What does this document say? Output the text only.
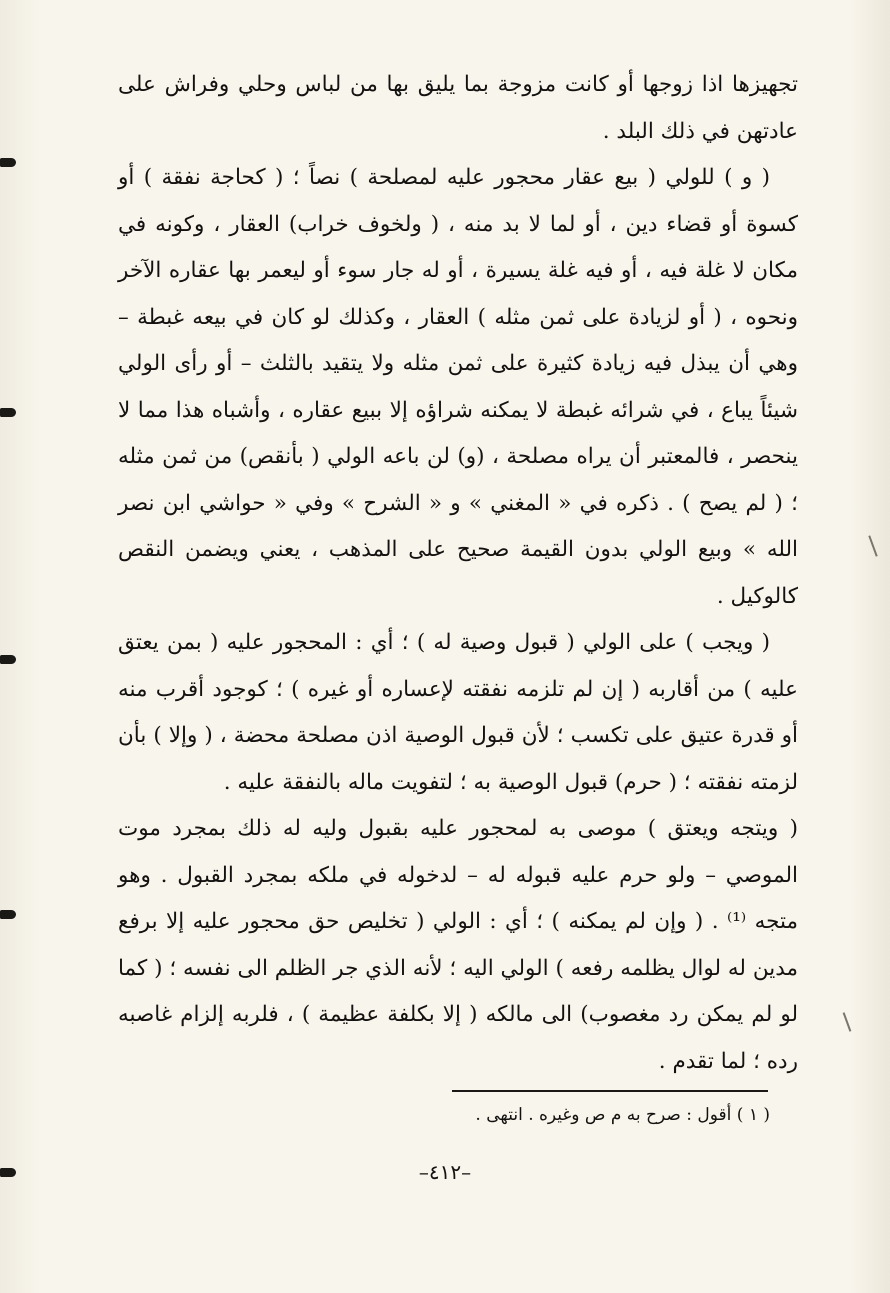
تجهيزها اذا زوجها أو كانت مزوجة بما يليق بها من لباس وحلي وفراش على عادتهن في ذلك البلد .

( و ) للولي ( بيع عقار محجور عليه لمصلحة ) نصاً ؛ ( كحاجة نفقة ) أو كسوة أو قضاء دين ، أو لما لا بد منه ، ( ولخوف خراب) العقار ، وكونه في مكان لا غلة فيه ، أو فيه غلة يسيرة ، أو له جار سوء أو ليعمر بها عقاره الآخر ونحوه ، ( أو لزيادة على ثمن مثله ) العقار ، وكذلك لو كان في بيعه غبطة – وهي أن يبذل فيه زيادة كثيرة على ثمن مثله ولا يتقيد بالثلث – أو رأى الولي شيئاً يباع ، في شرائه غبطة لا يمكنه شراؤه إلا ببيع عقاره ، وأشباه هذا مما لا ينحصر ، فالمعتبر أن يراه مصلحة ، (و) لن باعه الولي ( بأنقص) من ثمن مثله ؛ ( لم يصح ) . ذكره في « المغني » و « الشرح » وفي « حواشي ابن نصر الله » وبيع الولي بدون القيمة صحيح على المذهب ، يعني ويضمن النقص كالوكيل .

( ويجب ) على الولي ( قبول وصية له ) ؛ أي : المحجور عليه ( بمن يعتق عليه ) من أقاربه ( إن لم تلزمه نفقته لإعساره أو غيره ) ؛ كوجود أقرب منه أو قدرة عتيق على تكسب ؛ لأن قبول الوصية اذن مصلحة محضة ، ( وإلا ) بأن لزمته نفقته ؛ ( حرم) قبول الوصية به ؛ لتفويت ماله بالنفقة عليه .

( ويتجه ويعتق ) موصى به لمحجور عليه بقبول وليه له ذلك بمجرد موت الموصي – ولو حرم عليه قبوله له – لدخوله في ملكه بمجرد القبول . وهو متجه ⁽¹⁾ . ( وإن لم يمكنه ) ؛ أي : الولي ( تخليص حق محجور عليه إلا برفع مدين له لوال يظلمه رفعه ) الولي اليه ؛ لأنه الذي جر الظلم الى نفسه ؛ ( كما لو لم يمكن رد مغصوب) الى مالكه ( إلا بكلفة عظيمة ) ، فلربه إلزام غاصبه رده ؛ لما تقدم .

( ١ ) أقول : صرح به م ص وغيره . انتهى .
–٤١٢–
